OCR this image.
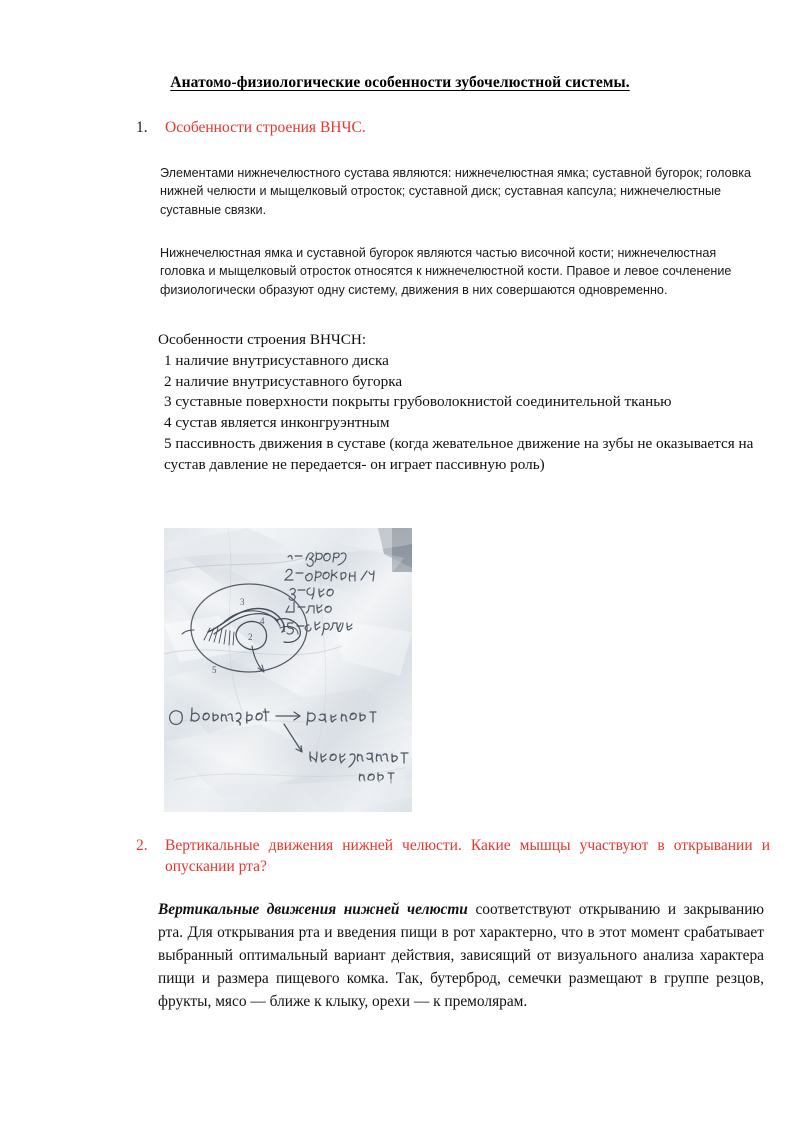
Анатомо-физиологические особенности зубочелюстной системы.
1.	Особенности строения ВНЧС.
Элементами нижнечелюстного сустава являются: нижнечелюстная ямка; суставной бугорок; головка нижней челюсти и мыщелковый отросток; суставной диск; суставная капсула; нижнечелюстные суставные связки.
Нижнечелюстная ямка и суставной бугорок являются частью височной кости; нижнечелюстная головка и мыщелковый отросток относятся к нижнечелюстной кости. Правое и левое сочленение физиологически образуют одну систему, движения в них совершаются одновременно.
Особенности строения ВНЧСН:
1 наличие внутрисуставного диска
2 наличие внутрисуставного бугорка
3 суставные поверхности покрыты грубоволокнистой соединительной тканью
4 сустав является инконгруэнтным
5 пассивность движения в суставе (когда жевательное движение на зубы не оказывается на сустав давление не передается- он играет пассивную роль)
3
4
2
1
5
2.	Вертикальные движения нижней челюсти. Какие мышцы участвуют в открывании и опускании рта?
Вертикальные движения нижней челюсти соответствуют открыванию и закрыванию рта. Для открывания рта и введения пищи в рот характерно, что в этот момент срабатывает выбранный оптимальный вариант действия, зависящий от визуального анализа характера пищи и размера пищевого комка. Так, бутерброд, семечки размещают в группе резцов, фрукты, мясо — ближе к клыку, орехи — к премолярам.
